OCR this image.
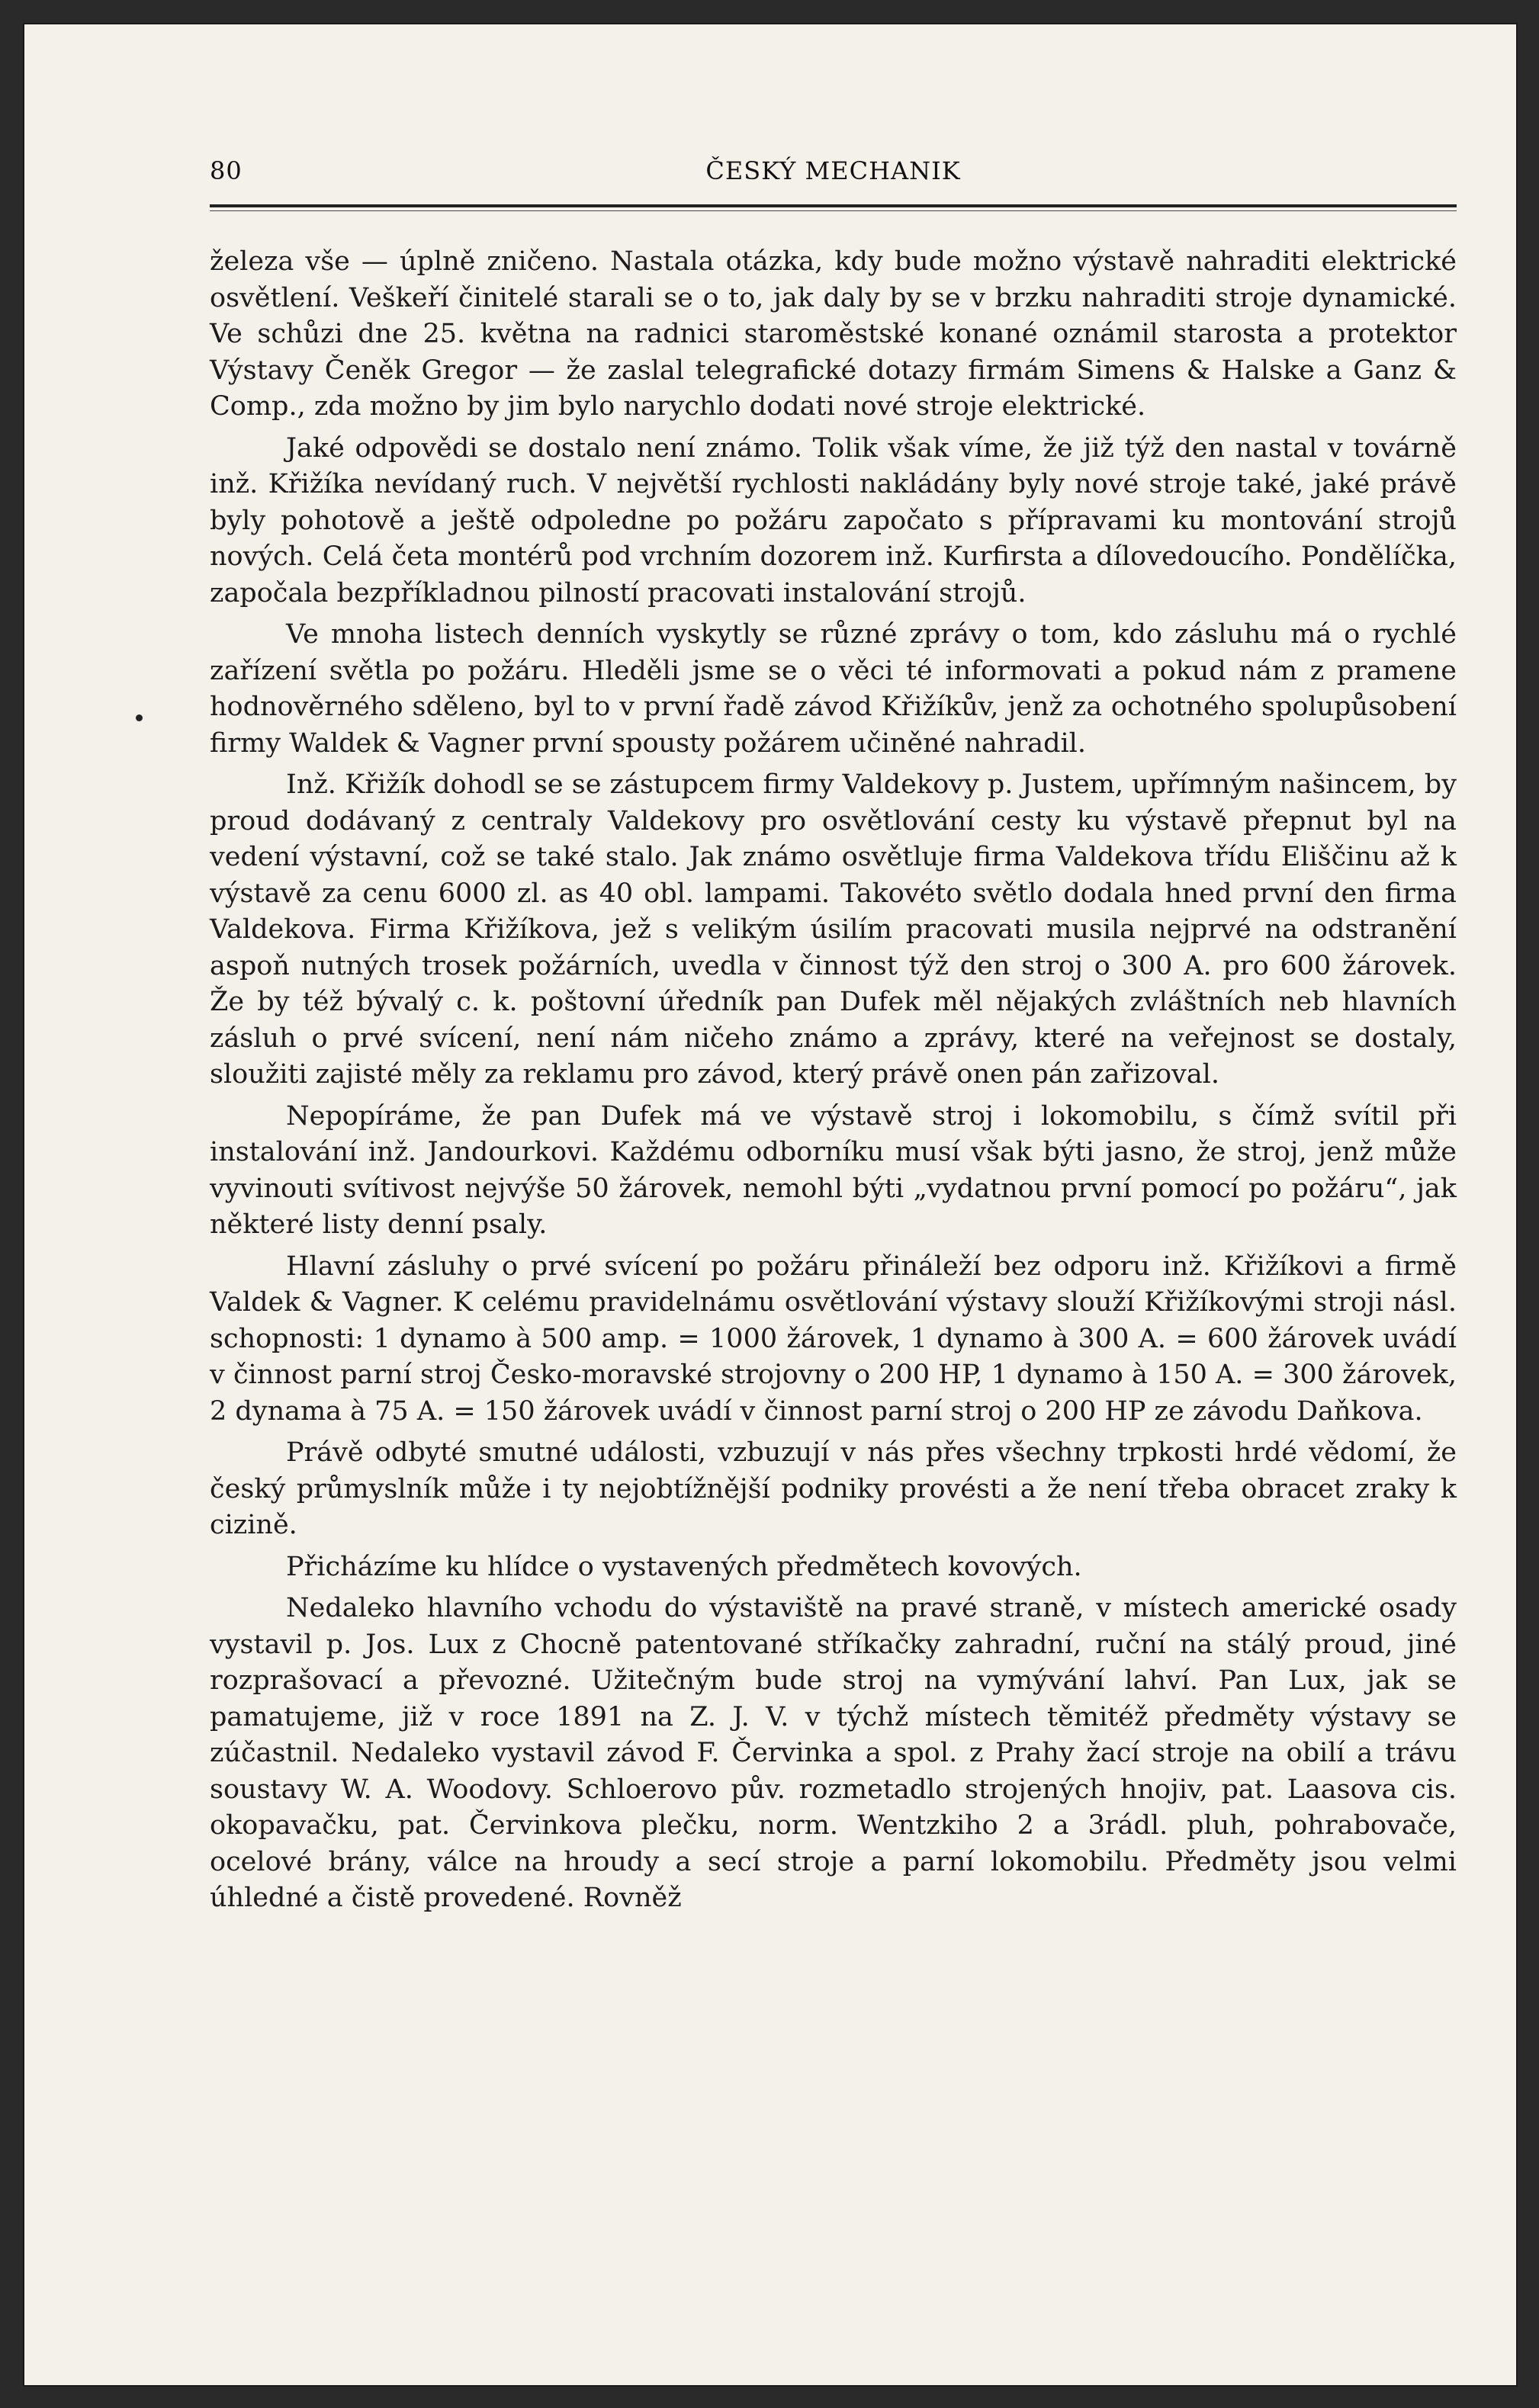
80	ČESKÝ MECHANIK

železa vše — úplně zničeno. Nastala otázka, kdy bude možno výstavě nahraditi elektrické osvětlení. Veškeří činitelé starali se o to, jak daly by se v brzku nahraditi stroje dynamické. Ve schůzi dne 25. května na radnici staroměstské konané oznámil starosta a protektor Výstavy Čeněk Gregor — že zaslal telegrafické dotazy firmám Simens & Halske a Ganz & Comp., zda možno by jim bylo narychlo dodati nové stroje elektrické.

Jaké odpovědi se dostalo není známo. Tolik však víme, že již týž den nastal v továrně inž. Křižíka nevídaný ruch. V největší rychlosti nakládány byly nové stroje také, jaké právě byly pohotově a ještě odpoledne po požáru započato s přípravami ku montování strojů nových. Celá četa montérů pod vrchním dozorem inž. Kurfirsta a dílovedoucího. Pondělíčka, započala bezpříkladnou pilností pracovati instalování strojů.

Ve mnoha listech denních vyskytly se různé zprávy o tom, kdo zásluhu má o rychlé zařízení světla po požáru. Hleděli jsme se o věci té informovati a pokud nám z pramene hodnověrného sděleno, byl to v první řadě závod Křižíkův, jenž za ochotného spolupůsobení firmy Waldek & Vagner první spousty požárem učiněné nahradil.

Inž. Křižík dohodl se se zástupcem firmy Valdekovy p. Justem, upřímným našincem, by proud dodávaný z centraly Valdekovy pro osvětlování cesty ku výstavě přepnut byl na vedení výstavní, což se také stalo. Jak známo osvětluje firma Valdekova třídu Eliščinu až k výstavě za cenu 6000 zl. as 40 obl. lampami. Takovéto světlo dodala hned první den firma Valdekova. Firma Křižíkova, jež s velikým úsilím pracovati musila nejprvé na odstranění aspoň nutných trosek požárních, uvedla v činnost týž den stroj o 300 A. pro 600 žárovek. Že by též bývalý c. k. poštovní úředník pan Dufek měl nějakých zvláštních neb hlavních zásluh o prvé svícení, není nám ničeho známo a zprávy, které na veřejnost se dostaly, sloužiti zajisté měly za reklamu pro závod, který právě onen pán zařizoval.

Nepopíráme, že pan Dufek má ve výstavě stroj i lokomobilu, s čímž svítil při instalování inž. Jandourkovi. Každému odborníku musí však býti jasno, že stroj, jenž může vyvinouti svítivost nejvýše 50 žárovek, nemohl býti „vydatnou první pomocí po požáru“, jak některé listy denní psaly.

Hlavní zásluhy o prvé svícení po požáru přináleží bez odporu inž. Křižíkovi a firmě Valdek & Vagner. K celému pravidelnámu osvětlování výstavy slouží Křižíkovými stroji násl. schopnosti: 1 dynamo à 500 amp. = 1000 žárovek, 1 dynamo à 300 A. = 600 žárovek uvádí v činnost parní stroj Česko-moravské strojovny o 200 HP, 1 dynamo à 150 A. = 300 žárovek, 2 dynama à 75 A. = 150 žárovek uvádí v činnost parní stroj o 200 HP ze závodu Daňkova.

Právě odbyté smutné události, vzbuzují v nás přes všechny trpkosti hrdé vědomí, že český průmyslník může i ty nejobtížnější podniky provésti a že není třeba obracet zraky k cizině.

Přicházíme ku hlídce o vystavených předmětech kovových.

Nedaleko hlavního vchodu do výstaviště na pravé straně, v místech americké osady vystavil p. Jos. Lux z Chocně patentované stříkačky zahradní, ruční na stálý proud, jiné rozprašovací a převozné. Užitečným bude stroj na vymývání lahví. Pan Lux, jak se pamatujeme, již v roce 1891 na Z. J. V. v týchž místech těmitéž předměty výstavy se zúčastnil. Nedaleko vystavil závod F. Červinka a spol. z Prahy žací stroje na obilí a trávu soustavy W. A. Woodovy. Schloerovo pův. rozmetadlo strojených hnojiv, pat. Laasova cis. okopavačku, pat. Červinkova plečku, norm. Wentzkiho 2 a 3rádl. pluh, pohrabovače, ocelové brány, válce na hroudy a secí stroje a parní lokomobilu. Předměty jsou velmi úhledné a čistě provedené. Rovněž
